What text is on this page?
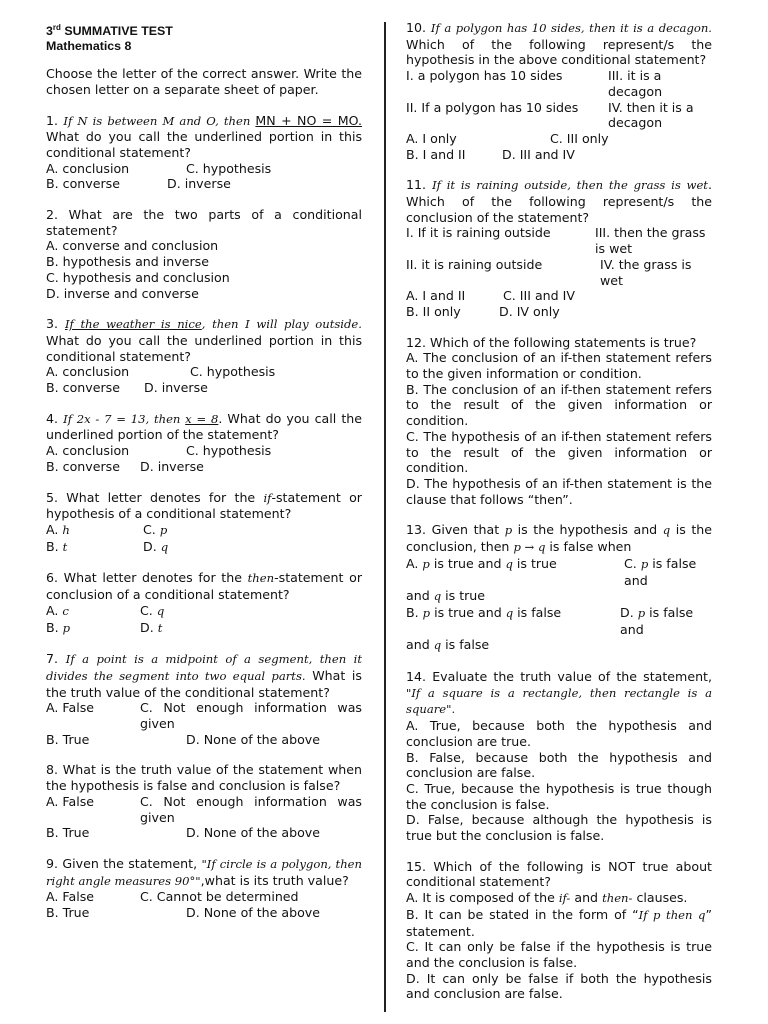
3rd SUMMATIVE TEST
Mathematics 8

Choose the letter of the correct answer. Write the chosen letter on a separate sheet of paper.

1. If N is between M and O, then MN + NO = MO. What do you call the underlined portion in this conditional statement?

A. conclusion	C. hypothesis
B. converse	D. inverse

2. What are the two parts of a conditional statement?

A. converse and conclusion

B. hypothesis and inverse

C. hypothesis and conclusion

D. inverse and converse

3. If the weather is nice, then I will play outside. What do you call the underlined portion in this conditional statement?

A. conclusion	C. hypothesis
B. converse	D. inverse

4. If 2x - 7 = 13, then x = 8. What do you call the underlined portion of the statement?

A. conclusion	C. hypothesis
B. converse	D. inverse

5. What letter denotes for the if-statement or hypothesis of a conditional statement?

A. h	C. p
B. t	D. q

6. What letter denotes for the then-statement or conclusion of a conditional statement?

A. c	C. q
B. p	D. t

7. If a point is a midpoint of a segment, then it divides the segment into two equal parts. What is the truth value of the conditional statement?

A. False	C. Not enough information was given
B. True	D. None of the above

8. What is the truth value of the statement when the hypothesis is false and conclusion is false?

A. False	C. Not enough information was given
B. True	D. None of the above

9. Given the statement, "If circle is a polygon, then right angle measures 90°",what is its truth value?

A. False	C. Cannot be determined
B. True	D. None of the above

10. If a polygon has 10 sides, then it is a decagon. Which of the following represent/s the hypothesis in the above conditional statement?

I. a polygon has 10 sides	III. it is a decagon
II. If a polygon has 10 sides	IV. then it is a decagon
A. I only	C. III only
B. I and II	D. III and IV

11. If it is raining outside, then the grass is wet. Which of the following represent/s the conclusion of the statement?

I. If it is raining outside	III. then the grass is wet
II. it is raining outside	IV. the grass is wet
A. I and II	C. III and IV
B. II only	D. IV only

12. Which of the following statements is true?

A. The conclusion of an if-then statement refers to the given information or condition.

B. The conclusion of an if-then statement refers to the result of the given information or condition.

C. The hypothesis of an if-then statement refers to the result of the given information or condition.

D. The hypothesis of an if-then statement is the clause that follows “then”.

13. Given that p is the hypothesis and q is the conclusion, then p → q is false when

A. p is true and q is true	C. p is false and

and q is true

B. p is true and q is false	D. p is false and

and q is false

14. Evaluate the truth value of the statement, "If a square is a rectangle, then rectangle is a square".

A. True, because both the hypothesis and conclusion are true.

B. False, because both the hypothesis and conclusion are false.

C. True, because the hypothesis is true though the conclusion is false.

D. False, because although the hypothesis is true but the conclusion is false.

15. Which of the following is NOT true about conditional statement?

A. It is composed of the if- and then- clauses.

B. It can be stated in the form of “If p then q” statement.

C. It can only be false if the hypothesis is true and the conclusion is false.

D. It can only be false if both the hypothesis and conclusion are false.
